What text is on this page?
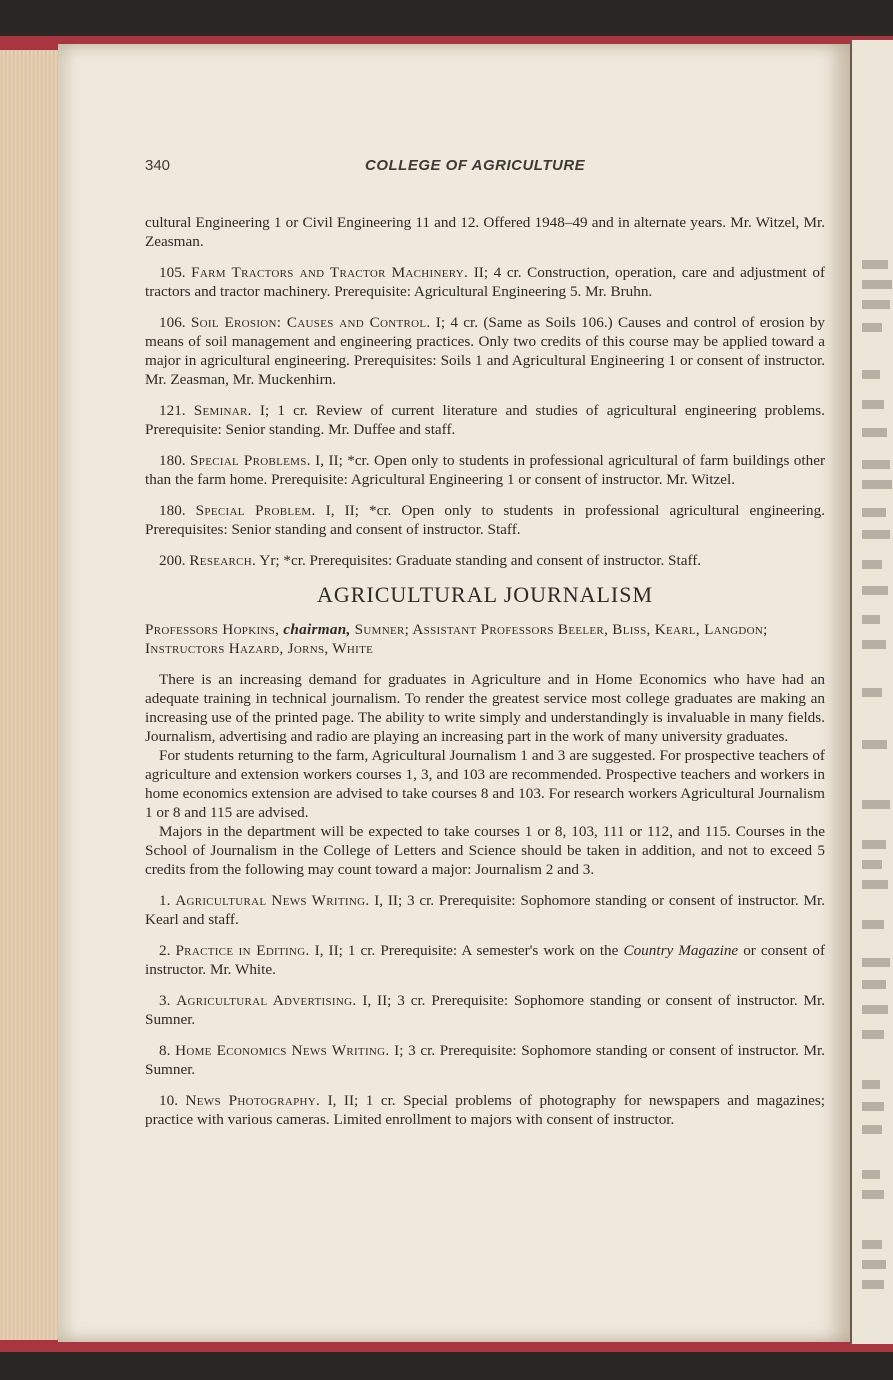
340	COLLEGE OF AGRICULTURE

cultural Engineering 1 or Civil Engineering 11 and 12. Offered 1948–49 and in alternate years. Mr. Witzel, Mr. Zeasman.

105. Farm Tractors and Tractor Machinery. II; 4 cr. Construction, operation, care and adjustment of tractors and tractor machinery. Prerequisite: Agricultural Engineering 5. Mr. Bruhn.

106. Soil Erosion: Causes and Control. I; 4 cr. (Same as Soils 106.) Causes and control of erosion by means of soil management and engineering practices. Only two credits of this course may be applied toward a major in agricultural engineering. Prerequisites: Soils 1 and Agricultural Engineering 1 or consent of instructor. Mr. Zeasman, Mr. Muckenhirn.

121. Seminar. I; 1 cr. Review of current literature and studies of agricultural engineering problems. Prerequisite: Senior standing. Mr. Duffee and staff.

180. Special Problems. I, II; *cr. Open only to students in professional agricultural of farm buildings other than the farm home. Prerequisite: Agricultural Engineering 1 or consent of instructor. Mr. Witzel.

180. Special Problem. I, II; *cr. Open only to students in professional agricultural engineering. Prerequisites: Senior standing and consent of instructor. Staff.

200. Research. Yr; *cr. Prerequisites: Graduate standing and consent of instructor. Staff.

AGRICULTURAL JOURNALISM

Professors Hopkins, chairman, Sumner; Assistant Professors Beeler, Bliss, Kearl, Langdon; Instructors Hazard, Jorns, White

There is an increasing demand for graduates in Agriculture and in Home Economics who have had an adequate training in technical journalism. To render the greatest service most college graduates are making an increasing use of the printed page. The ability to write simply and understandingly is invaluable in many fields. Journalism, advertising and radio are playing an increasing part in the work of many university graduates.

For students returning to the farm, Agricultural Journalism 1 and 3 are suggested. For prospective teachers of agriculture and extension workers courses 1, 3, and 103 are recommended. Prospective teachers and workers in home economics extension are advised to take courses 8 and 103. For research workers Agricultural Journalism 1 or 8 and 115 are advised.

Majors in the department will be expected to take courses 1 or 8, 103, 111 or 112, and 115. Courses in the School of Journalism in the College of Letters and Science should be taken in addition, and not to exceed 5 credits from the following may count toward a major: Journalism 2 and 3.

1. Agricultural News Writing. I, II; 3 cr. Prerequisite: Sophomore standing or consent of instructor. Mr. Kearl and staff.

2. Practice in Editing. I, II; 1 cr. Prerequisite: A semester's work on the Country Magazine or consent of instructor. Mr. White.

3. Agricultural Advertising. I, II; 3 cr. Prerequisite: Sophomore standing or consent of instructor. Mr. Sumner.

8. Home Economics News Writing. I; 3 cr. Prerequisite: Sophomore standing or consent of instructor. Mr. Sumner.

10. News Photography. I, II; 1 cr. Special problems of photography for newspapers and magazines; practice with various cameras. Limited enrollment to majors with consent of instructor.
